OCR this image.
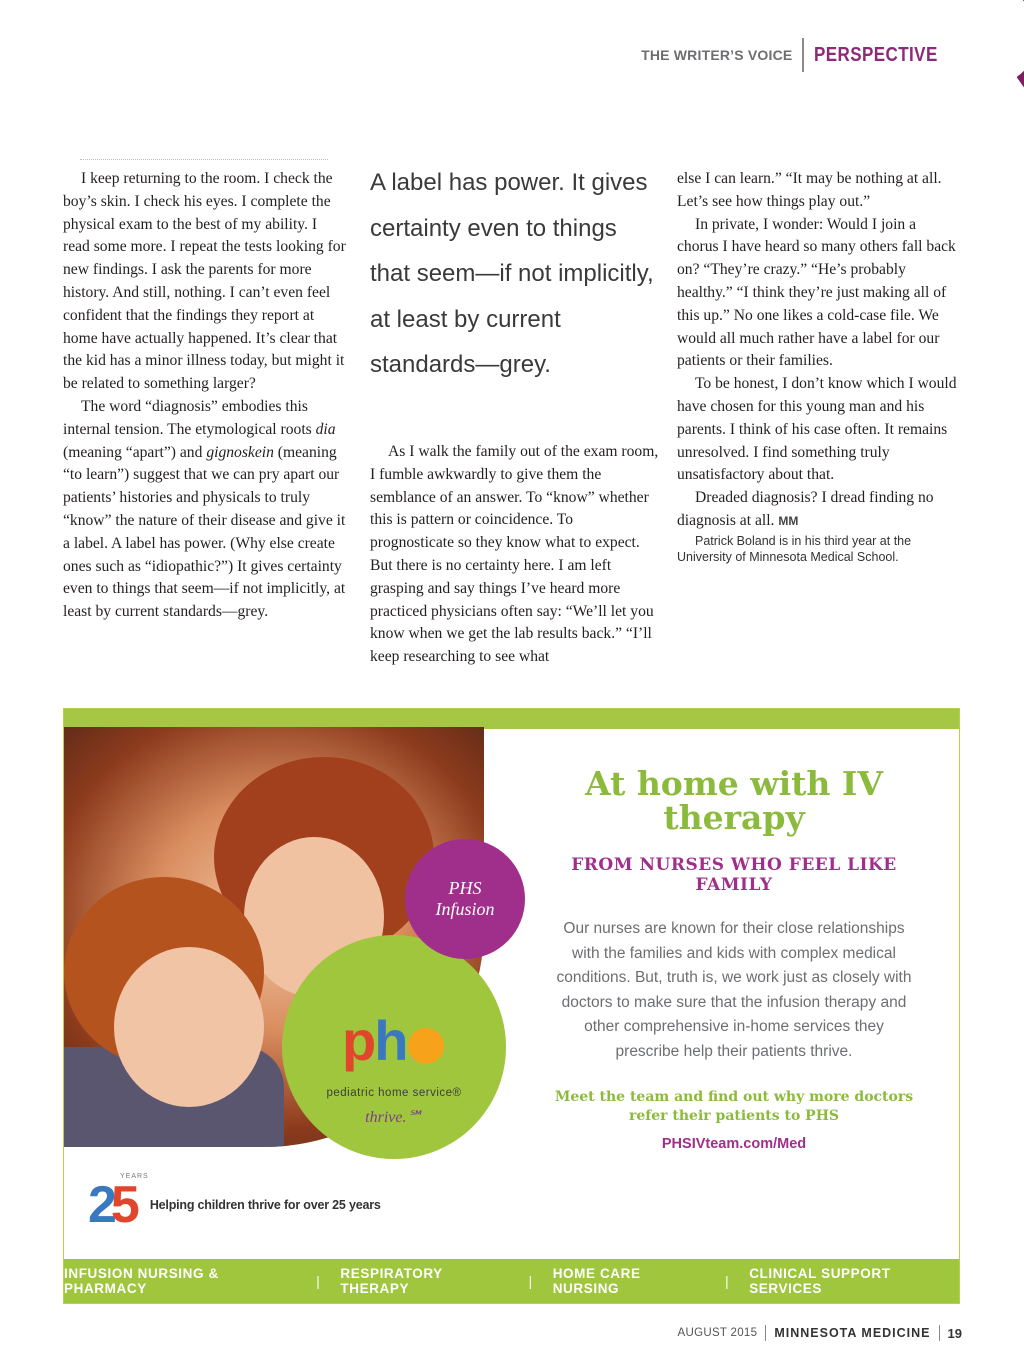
THE WRITER’S VOICE PERSPECTIVE

I keep returning to the room. I check the boy’s skin. I check his eyes. I complete the physical exam to the best of my ability. I read some more. I repeat the tests looking for new findings. I ask the parents for more history. And still, nothing. I can’t even feel confident that the findings they report at home have actually happened. It’s clear that the kid has a minor illness today, but might it be related to something larger?

The word “diagnosis” embodies this internal tension. The etymological roots dia (meaning “apart”) and gignoskein (meaning “to learn”) suggest that we can pry apart our patients’ histories and physicals to truly “know” the nature of their disease and give it a label. A label has power. (Why else create ones such as “idiopathic?”) It gives certainty even to things that seem—if not implicitly, at least by current standards—grey.

A label has power. It gives certainty even to things that seem—if not implicitly, at least by current standards—grey.

As I walk the family out of the exam room, I fumble awkwardly to give them the semblance of an answer. To “know” whether this is pattern or coincidence. To prognosticate so they know what to expect. But there is no certainty here. I am left grasping and say things I’ve heard more practiced physicians often say: “We’ll let you know when we get the lab results back.” “I’ll keep researching to see what

else I can learn.” “It may be nothing at all. Let’s see how things play out.”

In private, I wonder: Would I join a chorus I have heard so many others fall back on? “They’re crazy.” “He’s probably healthy.” “I think they’re just making all of this up.” No one likes a cold-case file. We would all much rather have a label for our patients or their families.

To be honest, I don’t know which I would have chosen for this young man and his parents. I think of his case often. It remains unresolved. I find something truly unsatisfactory about that.

Dreaded diagnosis? I dread finding no diagnosis at all. MM

Patrick Boland is in his third year at the University of Minnesota Medical School.

ph
pediatric home service®
thrive.℠
PHS Infusion
25
YEARS
Helping children thrive for over 25 years
At home with IV therapy
FROM NURSES WHO FEEL LIKE FAMILY
Our nurses are known for their close relationships with the families and kids with complex medical conditions. But, truth is, we work just as closely with doctors to make sure that the infusion therapy and other comprehensive in-home services they prescribe help their patients thrive.
Meet the team and find out why more doctors refer their patients to PHS
PHSIVteam.com/Med
INFUSION NURSING & PHARMACY	| RESPIRATORY THERAPY	| HOME CARE NURSING	| CLINICAL SUPPORT SERVICES
AUGUST 2015 MINNESOTA MEDICINE 19
